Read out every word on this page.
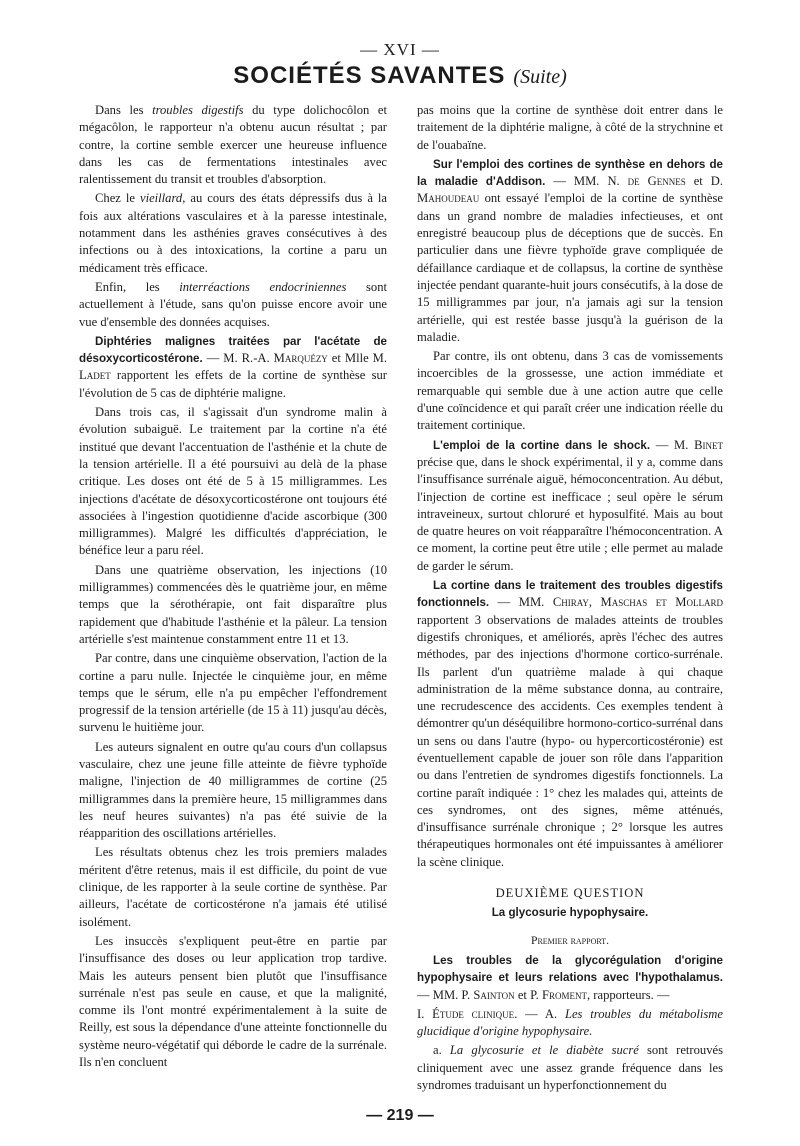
— XVI —
SOCIÉTÉS SAVANTES (Suite)

Dans les troubles digestifs du type dolichocôlon et mégacôlon, le rapporteur n'a obtenu aucun résultat ; par contre, la cortine semble exercer une heureuse influence dans les cas de fermentations intestinales avec ralentissement du transit et troubles d'absorption.

Chez le vieillard, au cours des états dépressifs dus à la fois aux altérations vasculaires et à la paresse intestinale, notamment dans les asthénies graves consécutives à des infections ou à des intoxications, la cortine a paru un médicament très efficace.

Enfin, les interréactions endocriniennes sont actuellement à l'étude, sans qu'on puisse encore avoir une vue d'ensemble des données acquises.

Diphtéries malignes traitées par l'acétate de désoxycorticostérone. — M. R.-A. Marquézy et Mlle M. Ladet rapportent les effets de la cortine de synthèse sur l'évolution de 5 cas de diphtérie maligne.

Dans trois cas, il s'agissait d'un syndrome malin à évolution subaiguë. Le traitement par la cortine n'a été institué que devant l'accentuation de l'asthénie et la chute de la tension artérielle. Il a été poursuivi au delà de la phase critique. Les doses ont été de 5 à 15 milligrammes. Les injections d'acétate de désoxycorticostérone ont toujours été associées à l'ingestion quotidienne d'acide ascorbique (300 milligrammes). Malgré les difficultés d'appréciation, le bénéfice leur a paru réel.

Dans une quatrième observation, les injections (10 milligrammes) commencées dès le quatrième jour, en même temps que la sérothérapie, ont fait disparaître plus rapidement que d'habitude l'asthénie et la pâleur. La tension artérielle s'est maintenue constamment entre 11 et 13.

Par contre, dans une cinquième observation, l'action de la cortine a paru nulle. Injectée le cinquième jour, en même temps que le sérum, elle n'a pu empêcher l'effondrement progressif de la tension artérielle (de 15 à 11) jusqu'au décès, survenu le huitième jour.

Les auteurs signalent en outre qu'au cours d'un collapsus vasculaire, chez une jeune fille atteinte de fièvre typhoïde maligne, l'injection de 40 milligrammes de cortine (25 milligrammes dans la première heure, 15 milligrammes dans les neuf heures suivantes) n'a pas été suivie de la réapparition des oscillations artérielles.

Les résultats obtenus chez les trois premiers malades méritent d'être retenus, mais il est difficile, du point de vue clinique, de les rapporter à la seule cortine de synthèse. Par ailleurs, l'acétate de corticostérone n'a jamais été utilisé isolément.

Les insuccès s'expliquent peut-être en partie par l'insuffisance des doses ou leur application trop tardive. Mais les auteurs pensent bien plutôt que l'insuffisance surrénale n'est pas seule en cause, et que la malignité, comme ils l'ont montré expérimentalement à la suite de Reilly, est sous la dépendance d'une atteinte fonctionnelle du système neuro-végétatif qui déborde le cadre de la surrénale. Ils n'en concluent

pas moins que la cortine de synthèse doit entrer dans le traitement de la diphtérie maligne, à côté de la strychnine et de l'ouabaïne.

Sur l'emploi des cortines de synthèse en dehors de la maladie d'Addison. — MM. N. de Gennes et D. Mahoudeau ont essayé l'emploi de la cortine de synthèse dans un grand nombre de maladies infectieuses, et ont enregistré beaucoup plus de déceptions que de succès. En particulier dans une fièvre typhoïde grave compliquée de défaillance cardiaque et de collapsus, la cortine de synthèse injectée pendant quarante-huit jours consécutifs, à la dose de 15 milligrammes par jour, n'a jamais agi sur la tension artérielle, qui est restée basse jusqu'à la guérison de la maladie.

Par contre, ils ont obtenu, dans 3 cas de vomissements incoercibles de la grossesse, une action immédiate et remarquable qui semble due à une action autre que celle d'une coïncidence et qui paraît créer une indication réelle du traitement cortinique.

L'emploi de la cortine dans le shock. — M. Binet précise que, dans le shock expérimental, il y a, comme dans l'insuffisance surrénale aiguë, hémoconcentration. Au début, l'injection de cortine est inefficace ; seul opère le sérum intraveineux, surtout chloruré et hyposulfité. Mais au bout de quatre heures on voit réapparaître l'hémoconcentration. A ce moment, la cortine peut être utile ; elle permet au malade de garder le sérum.

La cortine dans le traitement des troubles digestifs fonctionnels. — MM. Chiray, Maschas et Mollard rapportent 3 observations de malades atteints de troubles digestifs chroniques, et améliorés, après l'échec des autres méthodes, par des injections d'hormone cortico-surrénale. Ils parlent d'un quatrième malade à qui chaque administration de la même substance donna, au contraire, une recrudescence des accidents. Ces exemples tendent à démontrer qu'un déséquilibre hormono-cortico-surrénal dans un sens ou dans l'autre (hypo- ou hypercorticostéronie) est éventuellement capable de jouer son rôle dans l'apparition ou dans l'entretien de syndromes digestifs fonctionnels. La cortine paraît indiquée : 1° chez les malades qui, atteints de ces syndromes, ont des signes, même atténués, d'insuffisance surrénale chronique ; 2° lorsque les autres thérapeutiques hormonales ont été impuissantes à améliorer la scène clinique.

DEUXIÈME QUESTION
La glycosurie hypophysaire.
Premier rapport.

Les troubles de la glycorégulation d'origine hypophysaire et leurs relations avec l'hypothalamus. — MM. P. Sainton et P. Froment, rapporteurs. —

I. Étude clinique. — A. Les troubles du métabolisme glucidique d'origine hypophysaire.

a. La glycosurie et le diabète sucré sont retrouvés cliniquement avec une assez grande fréquence dans les syndromes traduisant un hyperfonctionnement du

— 219 —
